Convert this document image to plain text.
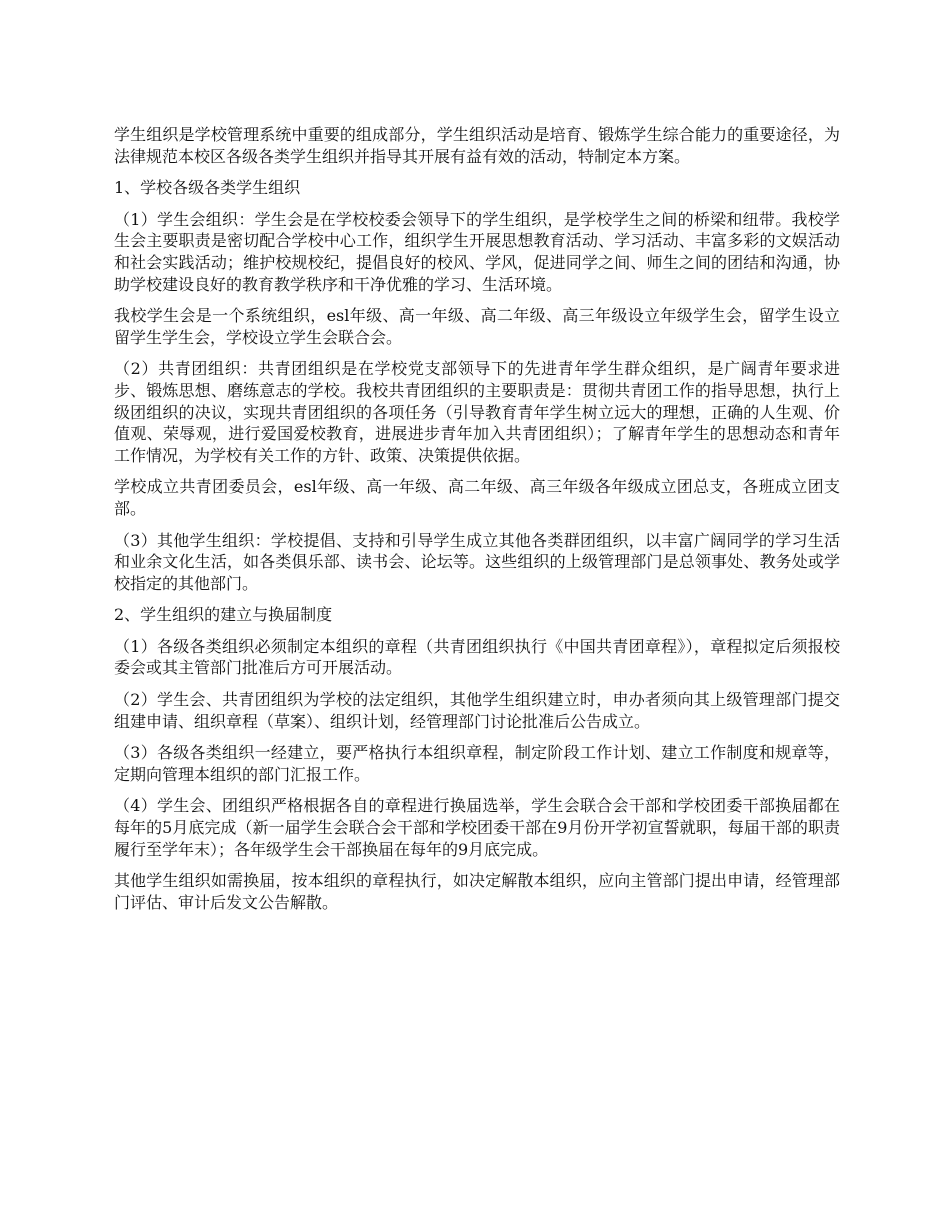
学生组织是学校管理系统中重要的组成部分，学生组织活动是培育、锻炼学生综合能力的重要途径，为法律规范本校区各级各类学生组织并指导其开展有益有效的活动，特制定本方案。

1、学校各级各类学生组织

（1）学生会组织：学生会是在学校校委会领导下的学生组织，是学校学生之间的桥梁和纽带。我校学生会主要职责是密切配合学校中心工作，组织学生开展思想教育活动、学习活动、丰富多彩的文娱活动和社会实践活动；维护校规校纪，提倡良好的校风、学风，促进同学之间、师生之间的团结和沟通，协助学校建设良好的教育教学秩序和干净优雅的学习、生活环境。

我校学生会是一个系统组织，esl年级、高一年级、高二年级、高三年级设立年级学生会，留学生设立留学生学生会，学校设立学生会联合会。

（2）共青团组织：共青团组织是在学校党支部领导下的先进青年学生群众组织，是广阔青年要求进步、锻炼思想、磨练意志的学校。我校共青团组织的主要职责是：贯彻共青团工作的指导思想，执行上级团组织的决议，实现共青团组织的各项任务（引导教育青年学生树立远大的理想，正确的人生观、价值观、荣辱观，进行爱国爱校教育，进展进步青年加入共青团组织）；了解青年学生的思想动态和青年工作情况，为学校有关工作的方针、政策、决策提供依据。

学校成立共青团委员会，esl年级、高一年级、高二年级、高三年级各年级成立团总支，各班成立团支部。

（3）其他学生组织：学校提倡、支持和引导学生成立其他各类群团组织，以丰富广阔同学的学习生活和业余文化生活，如各类俱乐部、读书会、论坛等。这些组织的上级管理部门是总领事处、教务处或学校指定的其他部门。

2、学生组织的建立与换届制度

（1）各级各类组织必须制定本组织的章程（共青团组织执行《中国共青团章程》），章程拟定后须报校委会或其主管部门批准后方可开展活动。

（2）学生会、共青团组织为学校的法定组织，其他学生组织建立时，申办者须向其上级管理部门提交组建申请、组织章程（草案）、组织计划，经管理部门讨论批准后公告成立。

（3）各级各类组织一经建立，要严格执行本组织章程，制定阶段工作计划、建立工作制度和规章等，定期向管理本组织的部门汇报工作。

（4）学生会、团组织严格根据各自的章程进行换届选举，学生会联合会干部和学校团委干部换届都在每年的5月底完成（新一届学生会联合会干部和学校团委干部在9月份开学初宣誓就职，每届干部的职责履行至学年末）；各年级学生会干部换届在每年的9月底完成。

其他学生组织如需换届，按本组织的章程执行，如决定解散本组织，应向主管部门提出申请，经管理部门评估、审计后发文公告解散。
